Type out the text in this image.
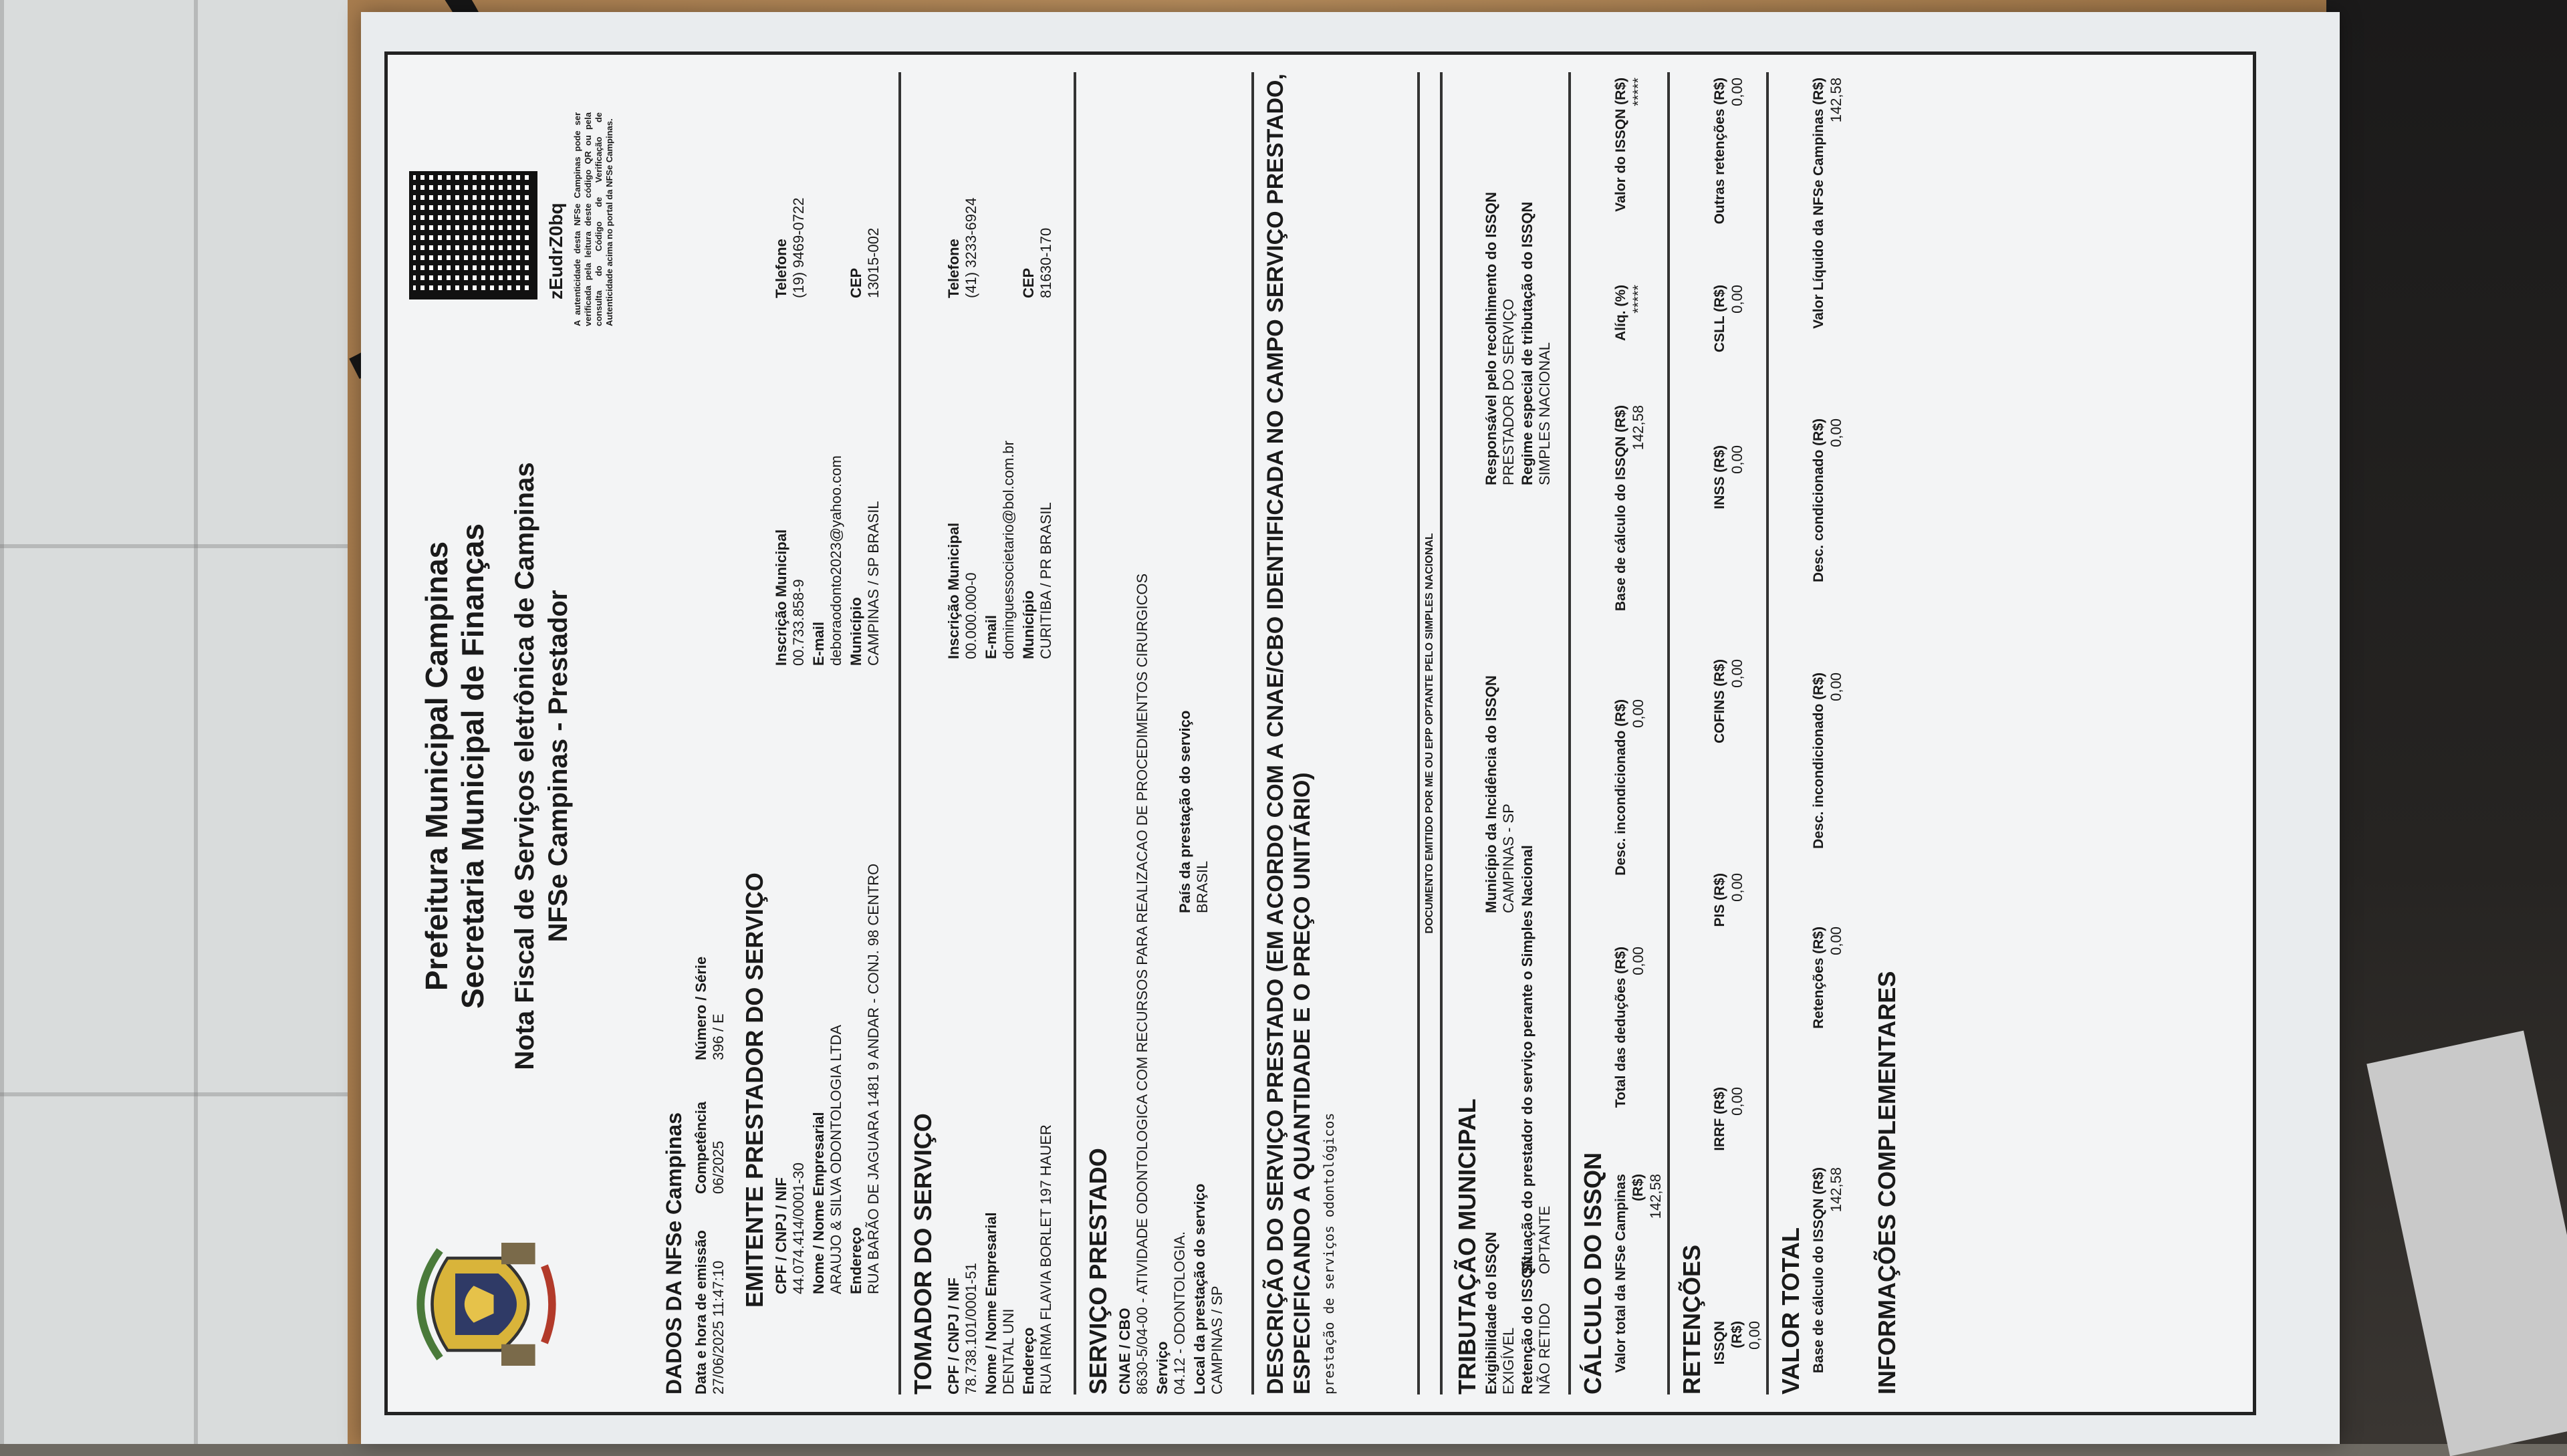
Prefeitura Municipal Campinas Secretaria Municipal de Finanças Nota Fiscal de Serviços eletrônica de Campinas NFSe Campinas - Prestador
zEudrZ0bq A autenticidade desta NFSe Campinas pode ser verificada pela leitura deste código QR ou pela consulta do Código de Verificação de Autenticidade acima no portal da NFSe Campinas.
DADOS DA NFSe Campinas Data e hora de emissão 27/06/2025 11:47:10
Competência 06/2025
Número / Série 396 / E EMITENTE PRESTADOR DO SERVIÇO CPF / CNPJ / NIF 44.074.414/0001-30
Inscrição Municipal 00.733.858-9
Telefone (19) 9469-0722
Nome / Nome Empresarial ARAUJO & SILVA ODONTOLOGIA LTDA
E-mail deboraodonto2023@yahoo.com
Endereço RUA BARÃO DE JAGUARA 1481 9 ANDAR - CONJ. 98 CENTRO
Município CAMPINAS / SP BRASIL
CEP 13015-002
TOMADOR DO SERVIÇO CPF / CNPJ / NIF 78.738.101/0001-51
Inscrição Municipal 00.000.000-0
Telefone (41) 3233-6924
Nome / Nome Empresarial DENTAL UNI
E-mail dominguessocietario@bol.com.br
Endereço RUA IRMA FLAVIA BORLET 197 HAUER
Município CURITIBA / PR BRASIL
CEP 81630-170
SERVIÇO PRESTADO CNAE / CBO 8630-5/04-00 - ATIVIDADE ODONTOLOGICA COM RECURSOS PARA REALIZACAO DE PROCEDIMENTOS CIRURGICOS Serviço 04.12 - ODONTOLOGIA. Local da prestação do serviço CAMPINAS / SP
País da prestação do serviço BRASIL DESCRIÇÃO DO SERVIÇO PRESTADO (EM ACORDO COM A CNAE/CBO IDENTIFICADA NO CAMPO SERVIÇO PRESTADO, ESPECIFICANDO A QUANTIDADE E O PREÇO UNITÁRIO) prestação de serviços odontológicos
DOCUMENTO EMITIDO POR ME OU EPP OPTANTE PELO SIMPLES NACIONAL
TRIBUTAÇÃO MUNICIPAL Exigibilidade do ISSQN EXIGÍVEL
Município da Incidência do ISSQN CAMPINAS - SP
Responsável pelo recolhimento do ISSQN PRESTADOR DO SERVIÇO
Retenção do ISSQN NÃO RETIDO
Situação do prestador do serviço perante o Simples Nacional OPTANTE
Regime especial de tributação do ISSQN SIMPLES NACIONAL
CÁLCULO DO ISSQN Valor total da NFSe Campinas (R$) 142,58
Total das deduções (R$) 0,00
Desc. incondicionado (R$) 0,00
Base de cálculo do ISSQN (R$) 142,58
Alíq. (%) *****
Valor do ISSQN (R$) *****
RETENÇÕES ISSQN (R$) 0,00
IRRF (R$) 0,00
PIS (R$) 0,00
COFINS (R$) 0,00
INSS (R$) 0,00
CSLL (R$) 0,00
Outras retenções (R$) 0,00
VALOR TOTAL Base de cálculo do ISSQN (R$) 142,58
Retenções (R$) 0,00
Desc. incondicionado (R$) 0,00
Desc. condicionado (R$) 0,00
Valor Líquido da NFSe Campinas (R$) 142,58
INFORMAÇÕES COMPLEMENTARES
